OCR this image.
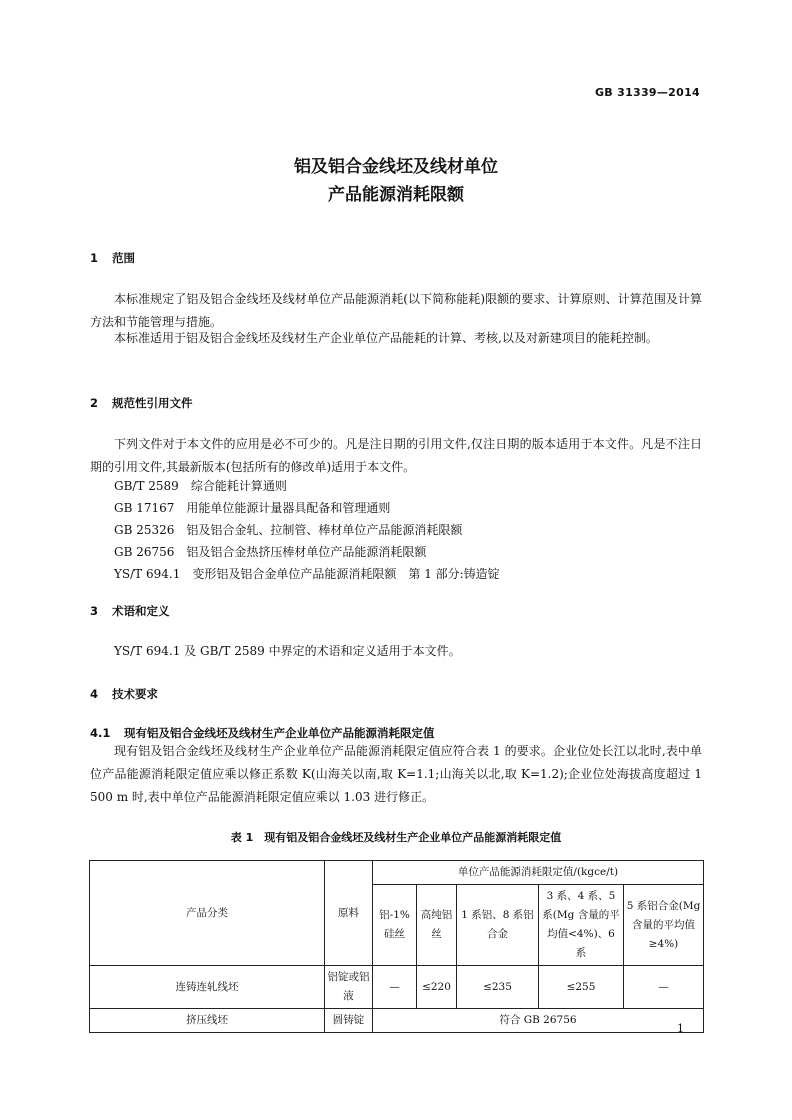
GB 31339—2014
铝及铝合金线坯及线材单位
产品能源消耗限额
1 范围
本标准规定了铝及铝合金线坯及线材单位产品能源消耗(以下简称能耗)限额的要求、计算原则、计算范围及计算方法和节能管理与措施。
本标准适用于铝及铝合金线坯及线材生产企业单位产品能耗的计算、考核,以及对新建项目的能耗控制。
2 规范性引用文件
下列文件对于本文件的应用是必不可少的。凡是注日期的引用文件,仅注日期的版本适用于本文件。凡是不注日期的引用文件,其最新版本(包括所有的修改单)适用于本文件。
GB/T 2589　 综合能耗计算通则
GB 17167　 用能单位能源计量器具配备和管理通则
GB 25326　 铝及铝合金轧、拉制管、棒材单位产品能源消耗限额
GB 26756　 铝及铝合金热挤压棒材单位产品能源消耗限额
YS/T 694.1　 变形铝及铝合金单位产品能源消耗限额　第 1 部分:铸造锭
3 术语和定义
YS/T 694.1 及 GB/T 2589 中界定的术语和定义适用于本文件。
4 技术要求
4.1 现有铝及铝合金线坯及线材生产企业单位产品能源消耗限定值
现有铝及铝合金线坯及线材生产企业单位产品能源消耗限定值应符合表 1 的要求。企业位处长江以北时,表中单位产品能源消耗限定值应乘以修正系数 K(山海关以南,取 K=1.1;山海关以北,取 K=1.2);企业位处海拔高度超过 1 500 m 时,表中单位产品能源消耗限定值应乘以 1.03 进行修正。
表 1　现有铝及铝合金线坯及线材生产企业单位产品能源消耗限定值
产品分类	原料	单位产品能源消耗限定值/(kgce/t)				
		铝-1%硅丝	高纯铝丝	1 系铝、8 系铝合金	3 系、4 系、5 系(Mg 含量的平均值<4%)、6 系	5 系铝合金(Mg 含量的平均值≥4%)
连铸连轧线坯	铝锭或铝液	—	≤220	≤235	≤255	—
挤压线坯	圆铸锭	符合 GB 26756				
1
